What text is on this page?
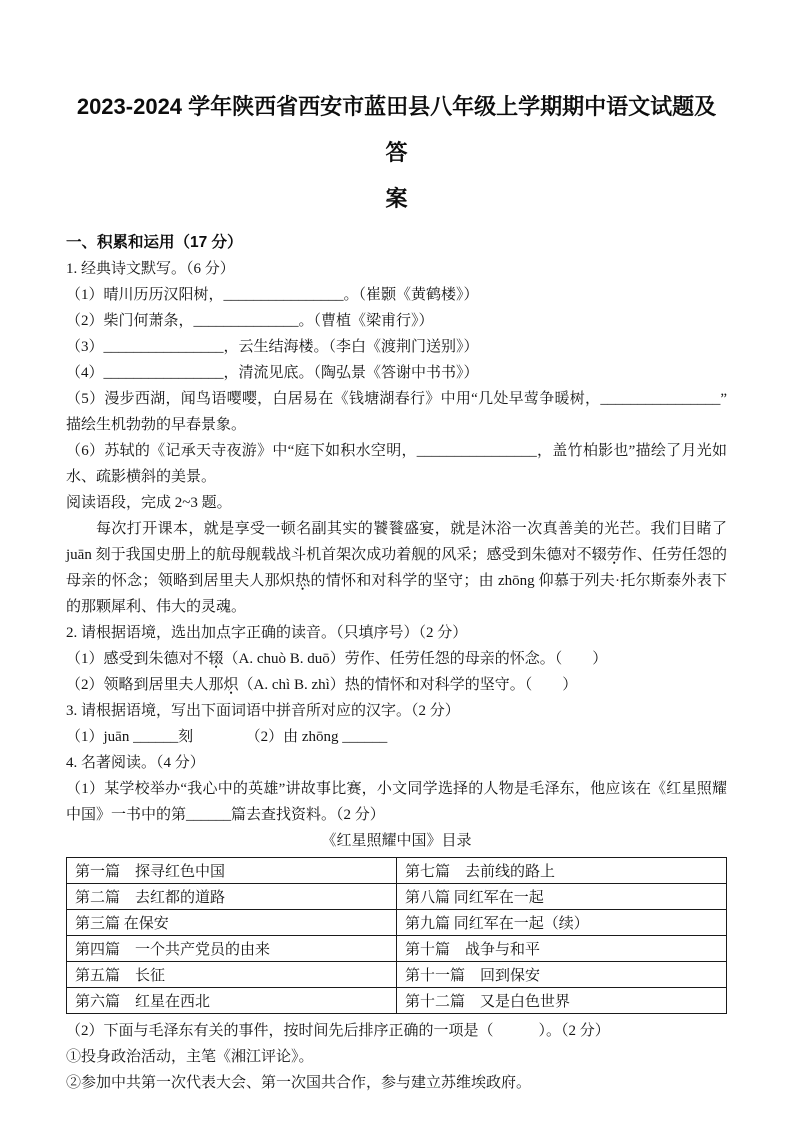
2023-2024 学年陕西省西安市蓝田县八年级上学期期中语文试题及答
案

一、积累和运用（17 分）

1. 经典诗文默写。（6 分）

（1）晴川历历汉阳树，________________。（崔颢《黄鹤楼》）

（2）柴门何萧条，______________。（曹植《梁甫行》）

（3）________________，云生结海楼。（李白《渡荆门送别》）

（4）________________，清流见底。（陶弘景《答谢中书书》）

（5）漫步西湖，闻鸟语嘤嘤，白居易在《钱塘湖春行》中用“几处早莺争暖树，________________”描绘生机勃勃的早春景象。

（6）苏轼的《记承天寺夜游》中“庭下如积水空明，________________，盖竹柏影也”描绘了月光如水、疏影横斜的美景。

阅读语段，完成 2~3 题。

每次打开课本，就是享受一顿名副其实的饕餮盛宴，就是沐浴一次真善美的光芒。我们目睹了 juān 刻于我国史册上的航母舰载战斗机首架次成功着舰的风采；感受到朱德对不辍劳作、任劳任怨的母亲的怀念；领略到居里夫人那炽热的情怀和对科学的坚守；由 zhōng 仰慕于列夫·托尔斯泰外表下的那颗犀利、伟大的灵魂。

2. 请根据语境，选出加点字正确的读音。（只填序号）（2 分）

（1）感受到朱德对不辍（A. chuò B. duō）劳作、任劳任怨的母亲的怀念。（　　）

（2）领略到居里夫人那炽（A. chì B. zhì）热的情怀和对科学的坚守。（　　）

3. 请根据语境，写出下面词语中拼音所对应的汉字。（2 分）

（1）juān ______刻　　　　（2）由 zhōng ______

4. 名著阅读。（4 分）

（1）某学校举办“我心中的英雄”讲故事比赛，小文同学选择的人物是毛泽东，他应该在《红星照耀中国》一书中的第______篇去查找资料。（2 分）

《红星照耀中国》目录

第一篇　探寻红色中国	第七篇　去前线的路上
第二篇　去红都的道路	第八篇 同红军在一起
第三篇 在保安	第九篇 同红军在一起（续）
第四篇　一个共产党员的由来	第十篇　战争与和平
第五篇　长征	第十一篇　回到保安
第六篇　红星在西北	第十二篇　又是白色世界

（2）下面与毛泽东有关的事件，按时间先后排序正确的一项是（　　　）。（2 分）

①投身政治活动，主笔《湘江评论》。

②参加中共第一次代表大会、第一次国共合作，参与建立苏维埃政府。
